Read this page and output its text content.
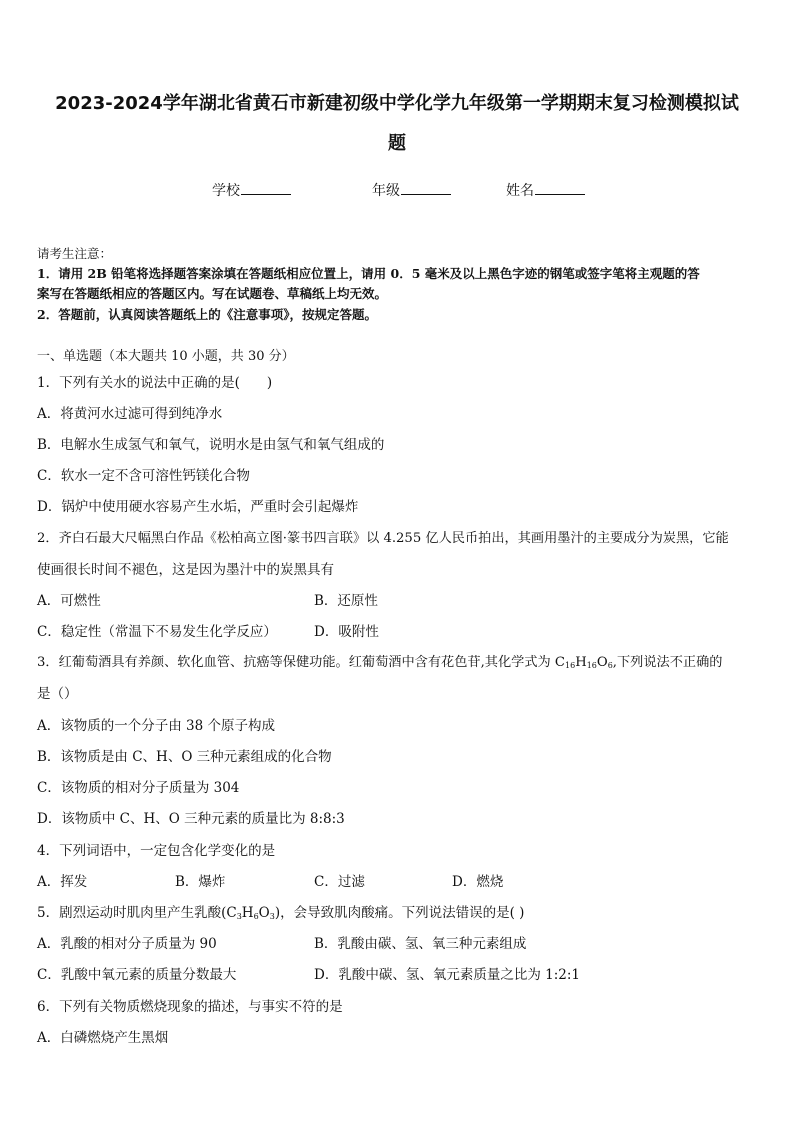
2023-2024学年湖北省黄石市新建初级中学化学九年级第一学期期末复习检测模拟试
题
学校	年级	姓名
请考生注意：
1．请用 2B 铅笔将选择题答案涂填在答题纸相应位置上，请用 0．5 毫米及以上黑色字迹的钢笔或签字笔将主观题的答
案写在答题纸相应的答题区内。写在试题卷、草稿纸上均无效。
2．答题前，认真阅读答题纸上的《注意事项》，按规定答题。
一、单选题（本大题共 10 小题，共 30 分）
1．下列有关水的说法中正确的是(　　)
A．将黄河水过滤可得到纯净水
B．电解水生成氢气和氧气，说明水是由氢气和氧气组成的
C．软水一定不含可溶性钙镁化合物
D．锅炉中使用硬水容易产生水垢，严重时会引起爆炸
2．齐白石最大尺幅黑白作品《松柏高立图·篆书四言联》以 4.255 亿人民币拍出，其画用墨汁的主要成分为炭黑，它能
使画很长时间不褪色，这是因为墨汁中的炭黑具有
A．可燃性	B．还原性
C．稳定性（常温下不易发生化学反应）	D．吸附性
3．红葡萄酒具有养颜、软化血管、抗癌等保健功能。红葡萄酒中含有花色苷,其化学式为 $C_{16}H_{16}O_6$,下列说法不正确的
是（）
A．该物质的一个分子由 38 个原子构成
B．该物质是由 C、H、O 三种元素组成的化合物
C．该物质的相对分子质量为 304
D．该物质中 C、H、O 三种元素的质量比为 8:8:3
4．下列词语中，一定包含化学变化的是
A．挥发	B．爆炸	C．过滤	D．燃烧
5．剧烈运动时肌肉里产生乳酸$(C_3H_6O_3)$，会导致肌肉酸痛。下列说法错误的是( )
A．乳酸的相对分子质量为 90	B．乳酸由碳、氢、氧三种元素组成
C．乳酸中氧元素的质量分数最大	D．乳酸中碳、氢、氧元素质量之比为 1:2:1
6．下列有关物质燃烧现象的描述，与事实不符的是
A．白磷燃烧产生黑烟
